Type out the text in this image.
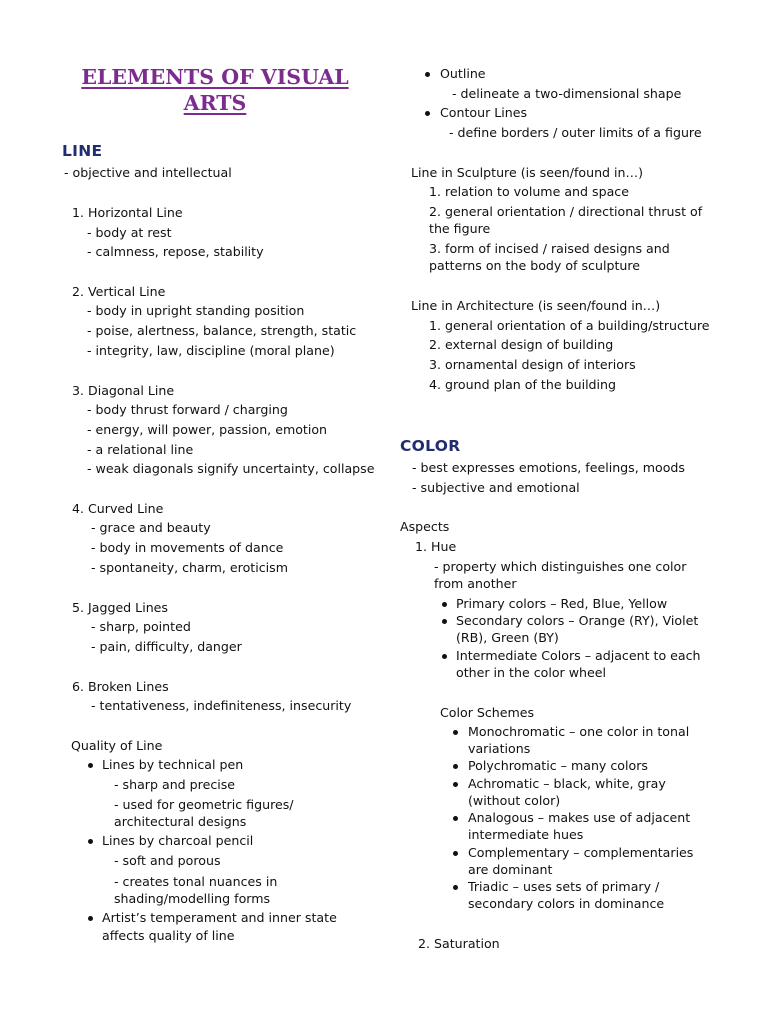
ELEMENTS OF VISUAL ARTS
LINE
- objective and intellectual
1. Horizontal Line
- body at rest
- calmness, repose, stability
2. Vertical Line
- body in upright standing position
- poise, alertness, balance, strength, static
- integrity, law, discipline (moral plane)
3. Diagonal Line
- body thrust forward / charging
- energy, will power, passion, emotion
- a relational line
- weak diagonals signify uncertainty, collapse
4. Curved Line
- grace and beauty
- body in movements of dance
- spontaneity, charm, eroticism
5. Jagged Lines
- sharp, pointed
- pain, difficulty, danger
6. Broken Lines
- tentativeness, indefiniteness, insecurity
Quality of Line
Lines by technical pen
- sharp and precise
- used for geometric figures/
architectural designs
Lines by charcoal pencil
- soft and porous
- creates tonal nuances in
shading/modelling forms
Artist’s temperament and inner state
affects quality of line
Outline
- delineate a two-dimensional shape
Contour Lines
- define borders / outer limits of a figure
Line in Sculpture (is seen/found in…)
1. relation to volume and space
2. general orientation / directional thrust of
the figure
3. form of incised / raised designs and
patterns on the body of sculpture
Line in Architecture (is seen/found in…)
1. general orientation of a building/structure
2. external design of building
3. ornamental design of interiors
4. ground plan of the building
COLOR
- best expresses emotions, feelings, moods
- subjective and emotional
Aspects
1. Hue
- property which distinguishes one color
from another
Primary colors – Red, Blue, Yellow
Secondary colors – Orange (RY), Violet
(RB), Green (BY)
Intermediate Colors – adjacent to each
other in the color wheel
Color Schemes
Monochromatic – one color in tonal
variations
Polychromatic – many colors
Achromatic – black, white, gray
(without color)
Analogous – makes use of adjacent
intermediate hues
Complementary – complementaries
are dominant
Triadic – uses sets of primary /
secondary colors in dominance
2. Saturation
